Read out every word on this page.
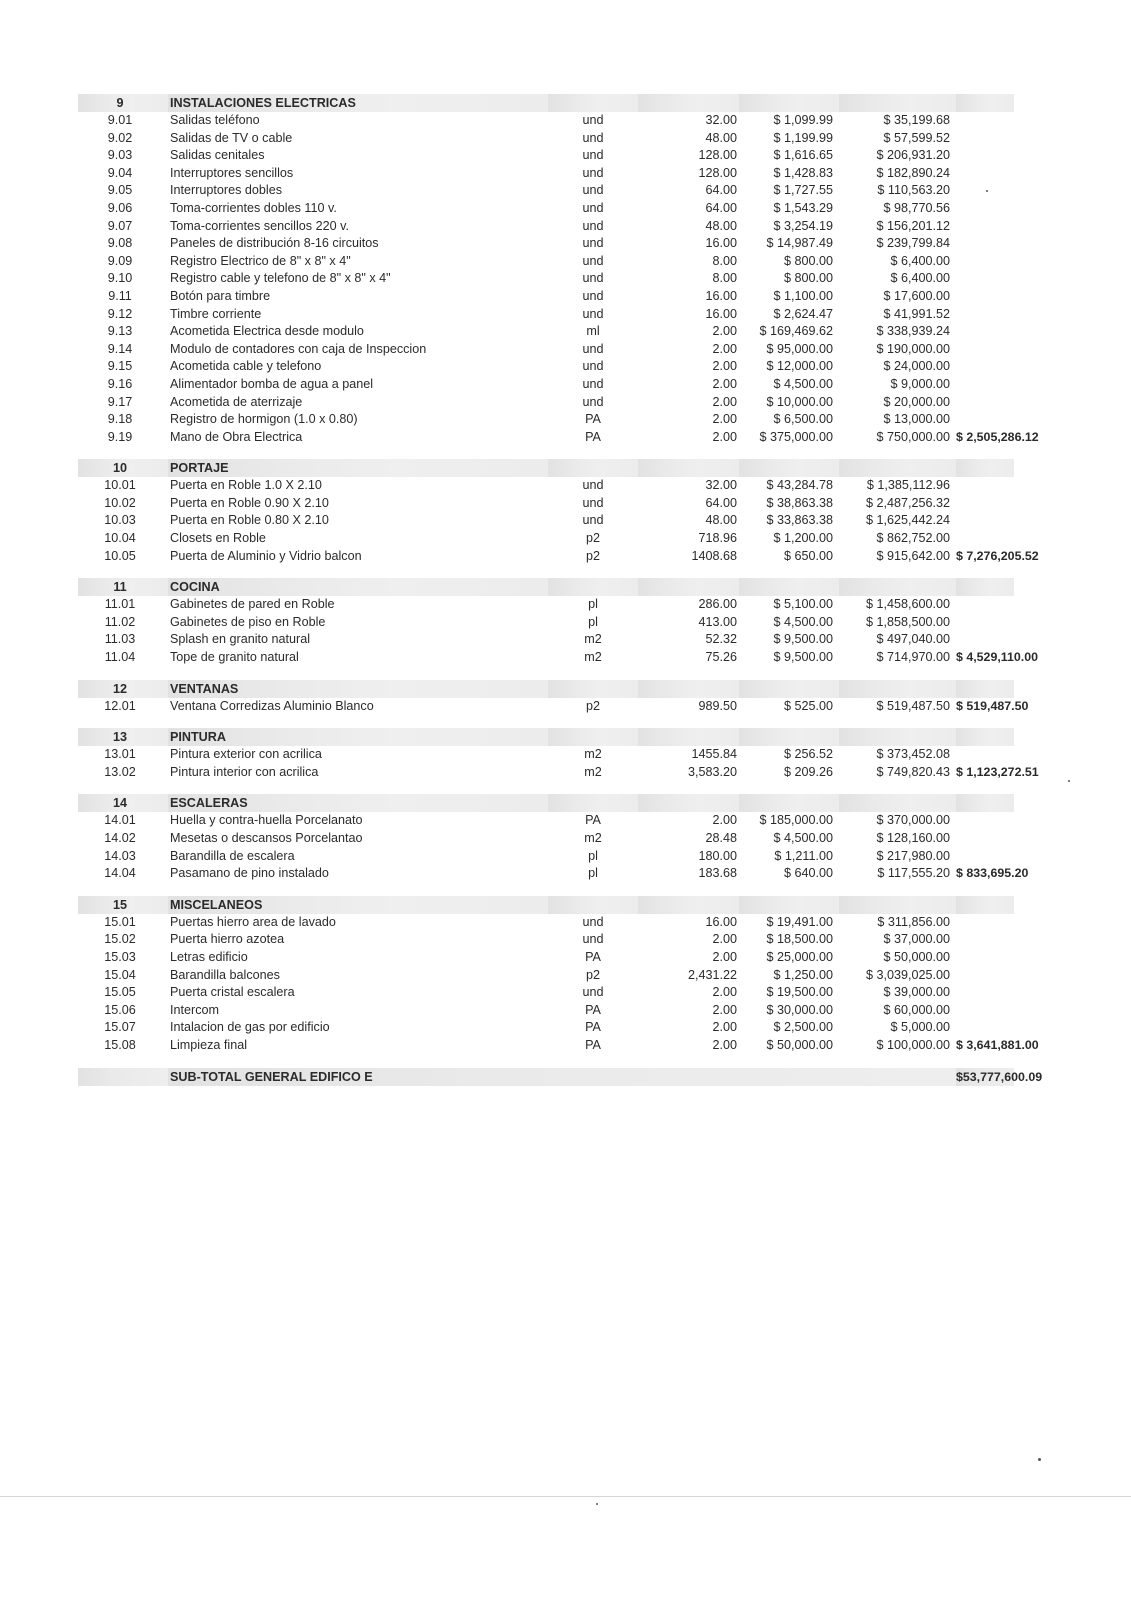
9	INSTALACIONES ELECTRICAS					
9.01	Salidas teléfono	und	32.00	$ 1,099.99	$ 35,199.68	
9.02	Salidas de TV o cable	und	48.00	$ 1,199.99	$ 57,599.52	
9.03	Salidas cenitales	und	128.00	$ 1,616.65	$ 206,931.20	
9.04	Interruptores sencillos	und	128.00	$ 1,428.83	$ 182,890.24	
9.05	Interruptores dobles	und	64.00	$ 1,727.55	$ 110,563.20	
9.06	Toma-corrientes dobles 110 v.	und	64.00	$ 1,543.29	$ 98,770.56	
9.07	Toma-corrientes sencillos 220 v.	und	48.00	$ 3,254.19	$ 156,201.12	
9.08	Paneles de distribución 8-16 circuitos	und	16.00	$ 14,987.49	$ 239,799.84	
9.09	Registro Electrico de 8" x 8" x 4"	und	8.00	$ 800.00	$ 6,400.00	
9.10	Registro cable y telefono de 8" x 8" x 4"	und	8.00	$ 800.00	$ 6,400.00	
9.11	Botón para timbre	und	16.00	$ 1,100.00	$ 17,600.00	
9.12	Timbre corriente	und	16.00	$ 2,624.47	$ 41,991.52	
9.13	Acometida Electrica desde modulo	ml	2.00	$ 169,469.62	$ 338,939.24	
9.14	Modulo de contadores con caja de Inspeccion	und	2.00	$ 95,000.00	$ 190,000.00	
9.15	Acometida cable y telefono	und	2.00	$ 12,000.00	$ 24,000.00	
9.16	Alimentador bomba de agua a panel	und	2.00	$ 4,500.00	$ 9,000.00	
9.17	Acometida de aterrizaje	und	2.00	$ 10,000.00	$ 20,000.00	
9.18	Registro de hormigon (1.0 x 0.80)	PA	2.00	$ 6,500.00	$ 13,000.00	
9.19	Mano de Obra Electrica	PA	2.00	$ 375,000.00	$ 750,000.00	$ 2,505,286.12

10	PORTAJE					
10.01	Puerta en Roble 1.0 X 2.10	und	32.00	$ 43,284.78	$ 1,385,112.96	
10.02	Puerta en Roble 0.90 X 2.10	und	64.00	$ 38,863.38	$ 2,487,256.32	
10.03	Puerta en Roble 0.80 X 2.10	und	48.00	$ 33,863.38	$ 1,625,442.24	
10.04	Closets en Roble	p2	718.96	$ 1,200.00	$ 862,752.00	
10.05	Puerta de Aluminio y Vidrio balcon	p2	1408.68	$ 650.00	$ 915,642.00	$ 7,276,205.52

11	COCINA					
11.01	Gabinetes de pared en Roble	pl	286.00	$ 5,100.00	$ 1,458,600.00	
11.02	Gabinetes de piso en Roble	pl	413.00	$ 4,500.00	$ 1,858,500.00	
11.03	Splash en granito natural	m2	52.32	$ 9,500.00	$ 497,040.00	
11.04	Tope de granito natural	m2	75.26	$ 9,500.00	$ 714,970.00	$ 4,529,110.00

12	VENTANAS					
12.01	Ventana Corredizas Aluminio Blanco	p2	989.50	$ 525.00	$ 519,487.50	$ 519,487.50

13	PINTURA					
13.01	Pintura exterior con acrilica	m2	1455.84	$ 256.52	$ 373,452.08	
13.02	Pintura interior con acrilica	m2	3,583.20	$ 209.26	$ 749,820.43	$ 1,123,272.51

14	ESCALERAS					
14.01	Huella y contra-huella Porcelanato	PA	2.00	$ 185,000.00	$ 370,000.00	
14.02	Mesetas o descansos Porcelantao	m2	28.48	$ 4,500.00	$ 128,160.00	
14.03	Barandilla de escalera	pl	180.00	$ 1,211.00	$ 217,980.00	
14.04	Pasamano de pino instalado	pl	183.68	$ 640.00	$ 117,555.20	$ 833,695.20

15	MISCELANEOS					
15.01	Puertas hierro area de lavado	und	16.00	$ 19,491.00	$ 311,856.00	
15.02	Puerta hierro azotea	und	2.00	$ 18,500.00	$ 37,000.00	
15.03	Letras edificio	PA	2.00	$ 25,000.00	$ 50,000.00	
15.04	Barandilla balcones	p2	2,431.22	$ 1,250.00	$ 3,039,025.00	
15.05	Puerta cristal escalera	und	2.00	$ 19,500.00	$ 39,000.00	
15.06	Intercom	PA	2.00	$ 30,000.00	$ 60,000.00	
15.07	Intalacion de gas por edificio	PA	2.00	$ 2,500.00	$ 5,000.00	
15.08	Limpieza final	PA	2.00	$ 50,000.00	$ 100,000.00	$ 3,641,881.00

	SUB-TOTAL GENERAL EDIFICO E					$53,777,600.09
